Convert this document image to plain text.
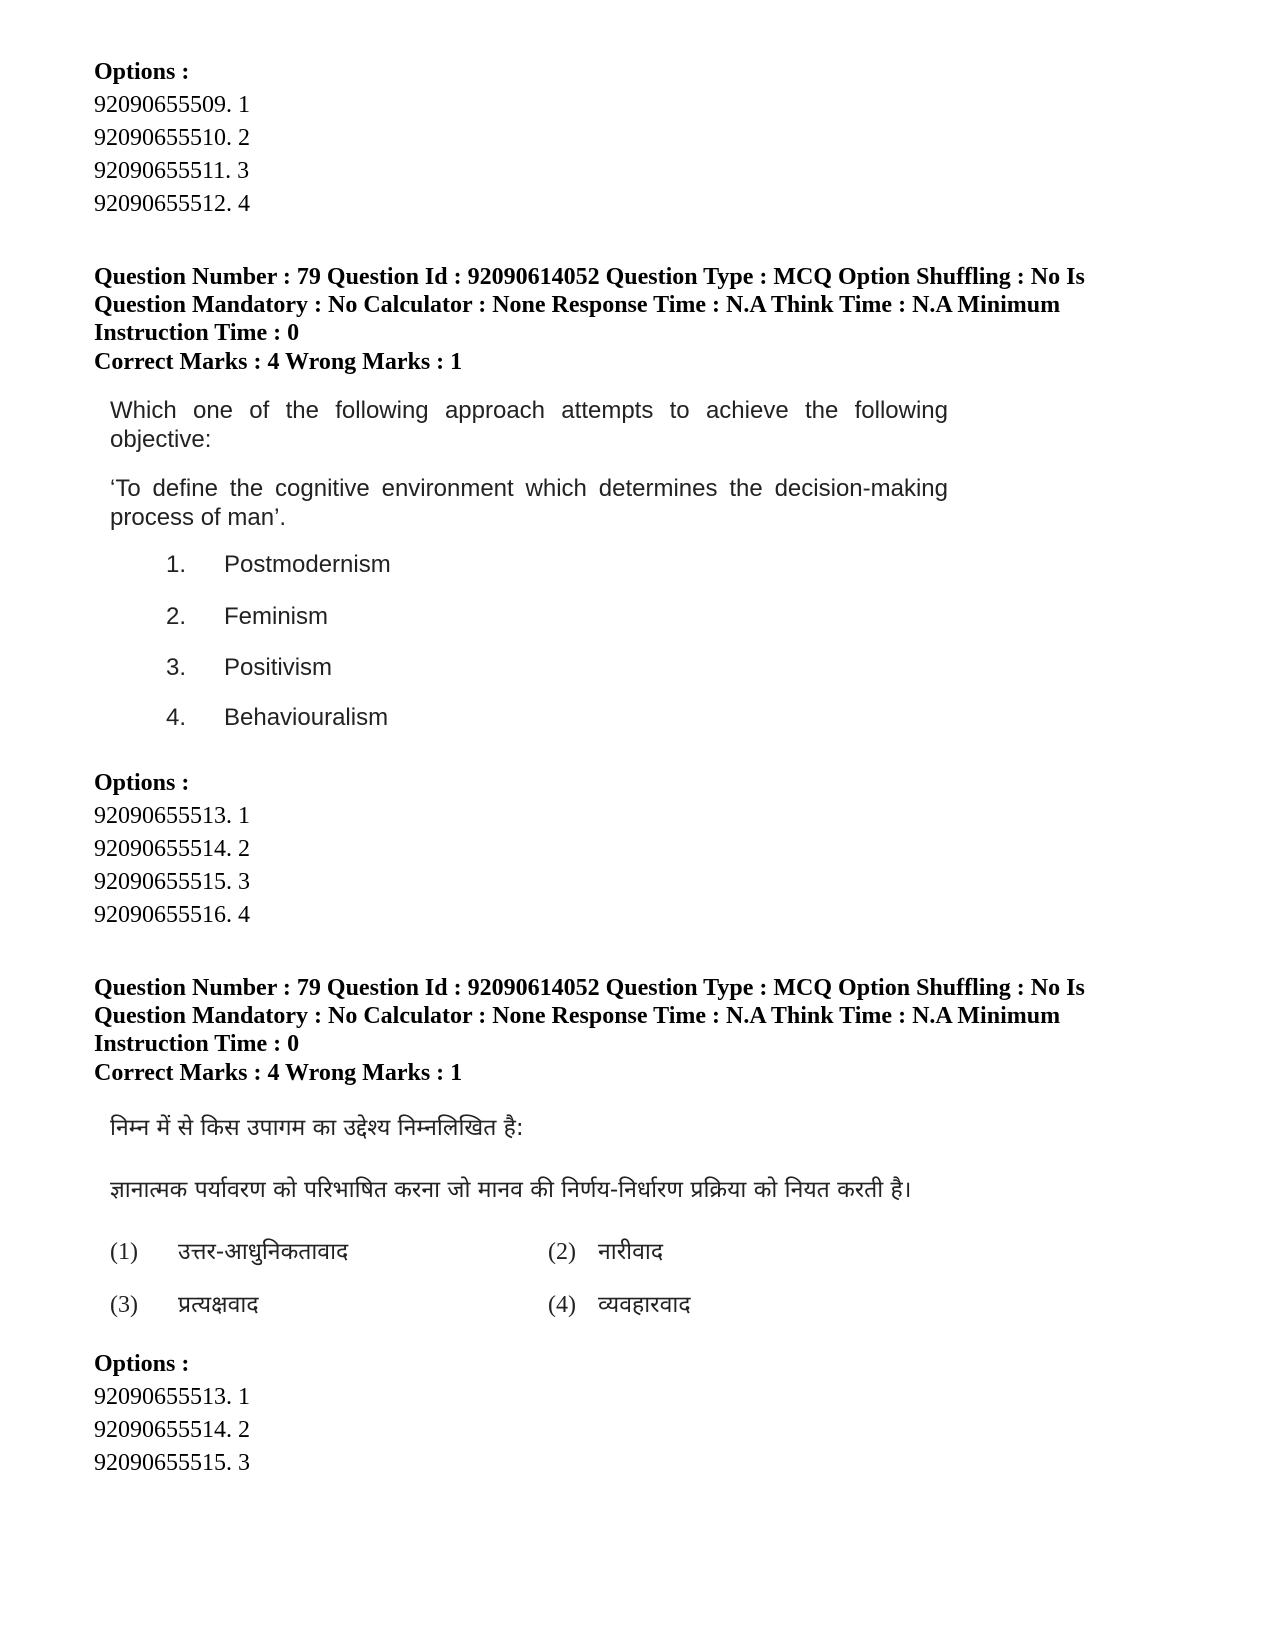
Options :
92090655509. 1
92090655510. 2
92090655511. 3
92090655512. 4
Question Number : 79 Question Id : 92090614052 Question Type : MCQ Option Shuffling : No Is
Question Mandatory : No Calculator : None Response Time : N.A Think Time : N.A Minimum
Instruction Time : 0
Correct Marks : 4 Wrong Marks : 1
Which one of the following approach attempts to achieve the following objective:
‘To define the cognitive environment which determines the decision-making process of man’.
1. Postmodernism
2. Feminism
3. Positivism
4. Behaviouralism
Options :
92090655513. 1
92090655514. 2
92090655515. 3
92090655516. 4
Question Number : 79 Question Id : 92090614052 Question Type : MCQ Option Shuffling : No Is
Question Mandatory : No Calculator : None Response Time : N.A Think Time : N.A Minimum
Instruction Time : 0
Correct Marks : 4 Wrong Marks : 1
निम्न में से किस उपागम का उद्देश्य निम्नलिखित है:
ज्ञानात्मक पर्यावरण को परिभाषित करना जो मानव की निर्णय-निर्धारण प्रक्रिया को नियत करती है।
(1) उत्तर-आधुनिकतावाद	(2) नारीवाद
(3) प्रत्यक्षवाद	(4) व्यवहारवाद
Options :
92090655513. 1
92090655514. 2
92090655515. 3
